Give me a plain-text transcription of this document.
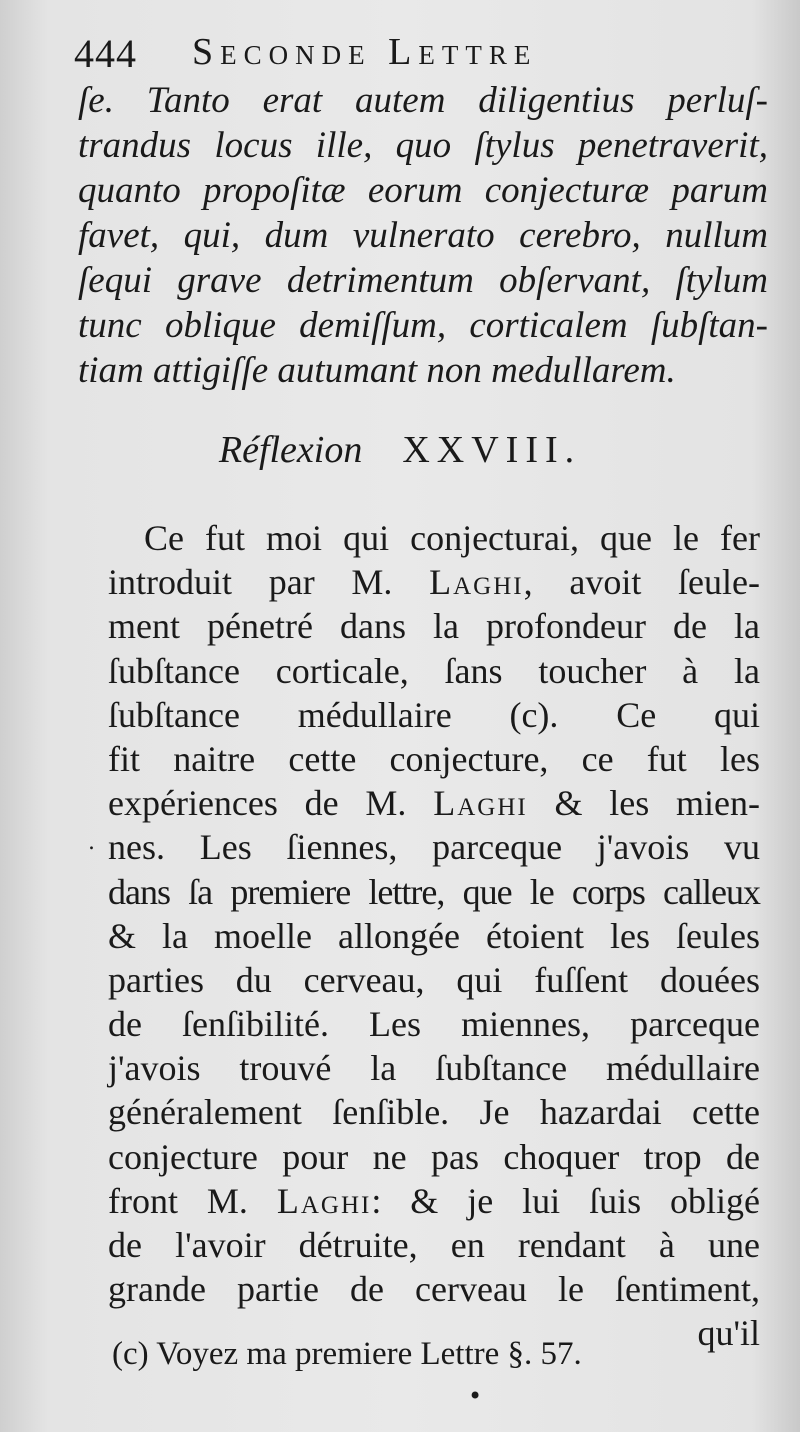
444 Seconde Lettre
ſe. Tanto erat autem diligentius perluſ-
trandus locus ille, quo ſtylus penetraverit,
quanto propoſitæ eorum conjecturæ parum
favet, qui, dum vulnerato cerebro, nullum
ſequi grave detrimentum obſervant, ſtylum
tunc oblique demiſſum, corticalem ſubſtan-
tiam attigiſſe autumant non medullarem.
Réflexion XXVIII.
Ce fut moi qui conjecturai, que le fer
introduit par M. Laghi, avoit ſeule-
ment pénetré dans la profondeur de la
ſubſtance corticale, ſans toucher à la
ſubſtance médullaire (c). Ce qui
fit naitre cette conjecture, ce fut les
expériences de M. Laghi & les mien-
nes. Les ſiennes, parceque j'avois vu
dans ſa premiere lettre, que le corps calleux
& la moelle allongée étoient les ſeules
parties du cerveau, qui fuſſent douées
de ſenſibilité. Les miennes, parceque
j'avois trouvé la ſubſtance médullaire
généralement ſenſible. Je hazardai cette
conjecture pour ne pas choquer trop de
front M. Laghi: & je lui ſuis obligé
de l'avoir détruite, en rendant à une
grande partie de cerveau le ſentiment,
qu'il
(c) Voyez ma premiere Lettre §. 57.
•
.
